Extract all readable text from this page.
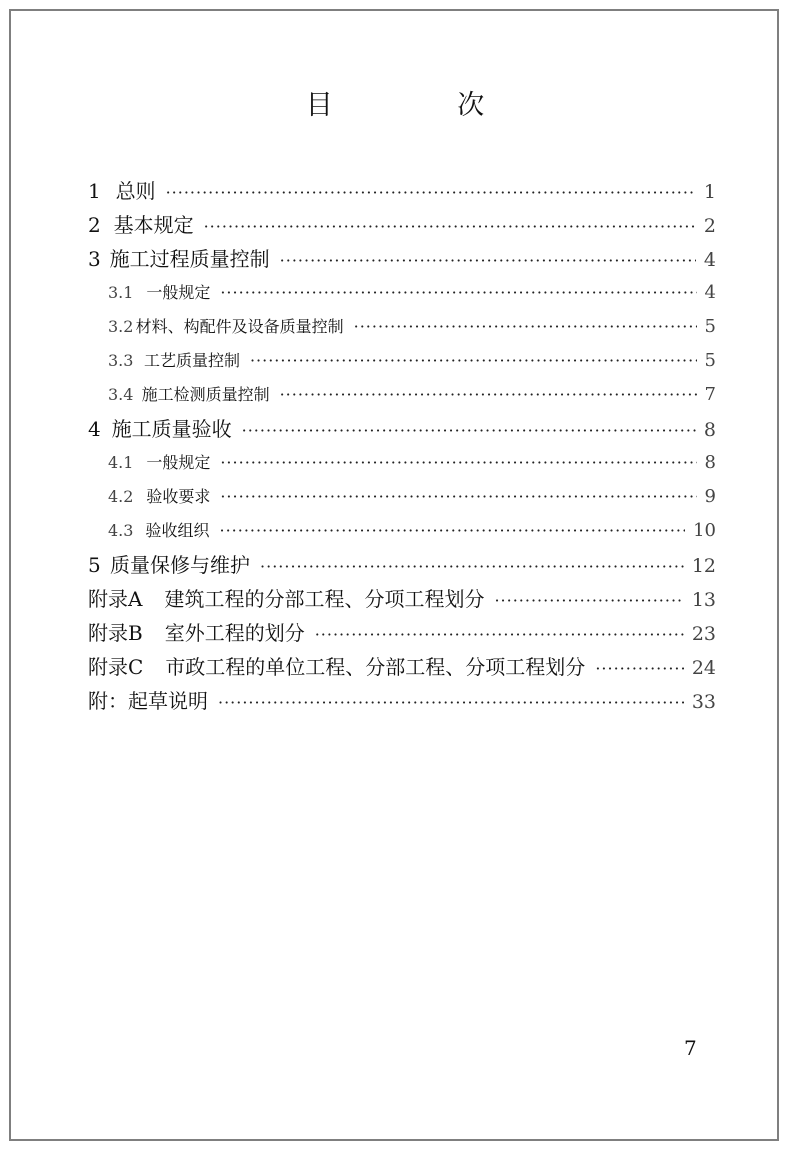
目 次
1 总则 ·····	1
2 基本规定 ·····	2
3 施工过程质量控制 ·····	4
3.1 一般规定 ·····	4
3.2 材料、构配件及设备质量控制 ·····	5
3.3 工艺质量控制 ·····	5
3.4 施工检测质量控制 ·····	7
4 施工质量验收 ·····	8
4.1 一般规定 ·····	8
4.2 验收要求 ·····	9
4.3 验收组织 ·····	10
5 质量保修与维护 ·····	12
附录A	建筑工程的分部工程、分项工程划分 ·····	13
附录B	室外工程的划分 ·····	23
附录C	市政工程的单位工程、分部工程、分项工程划分 ·····	24
附： 起草说明 ·····	33
7
